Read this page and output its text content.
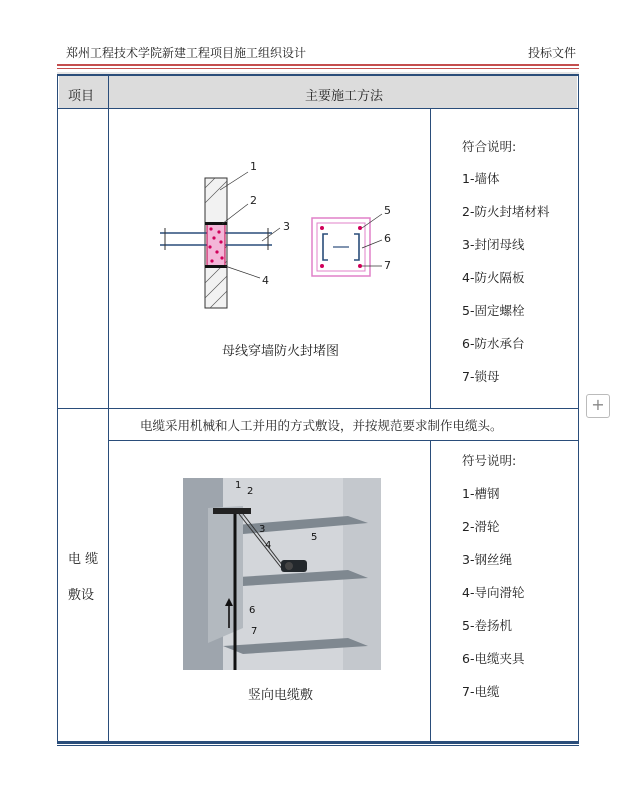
郑州工程技术学院新建工程项目施工组织设计	投标文件
项目	主要施工方法
1
2
3
4
5
6
7
母线穿墙防火封堵图
符合说明:
1-墙体
2-防火封堵材料
3-封闭母线
4-防火隔板
5-固定螺栓
6-防水承台
7-锁母
+
电 缆
敷设
电缆采用机械和人工并用的方式敷设，并按规范要求制作电缆头。
1
2
3
4
5
6
7
竖向电缆敷
符号说明:
1-槽钢
2-滑轮
3-钢丝绳
4-导向滑轮
5-卷扬机
6-电缆夹具
7-电缆
